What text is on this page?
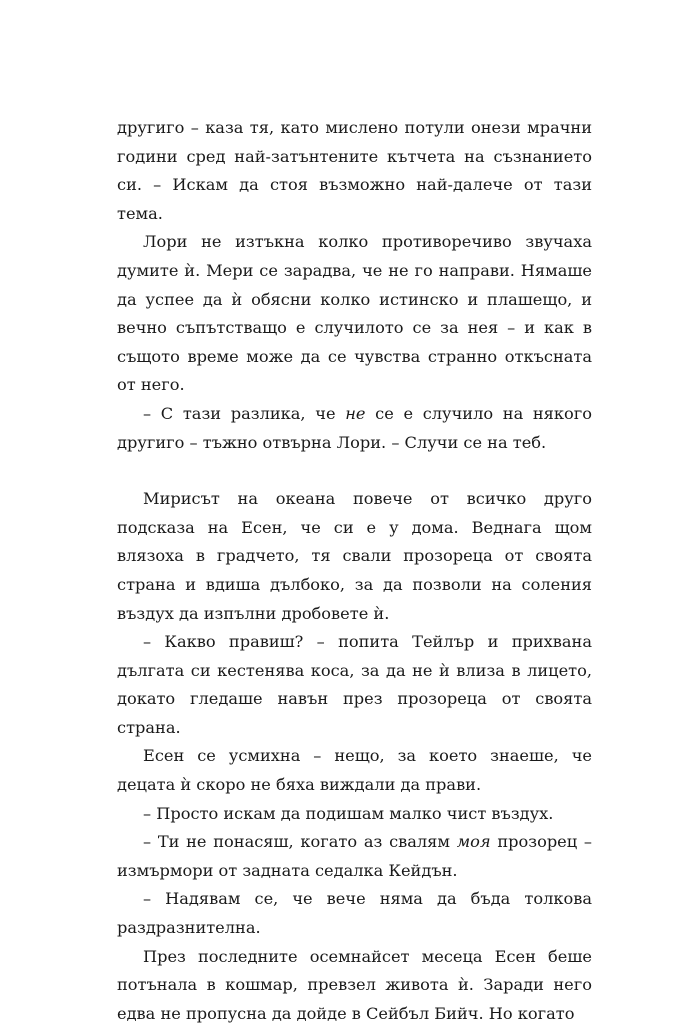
другиго – каза тя, като мислено потули онези мрачни години сред най-затънтените кътчета на съзнанието си. – Искам да стоя възможно най-далече от тази тема.

Лори не изтъкна колко противоречиво звучаха думите ѝ. Мери се зарадва, че не го направи. Нямаше да успее да ѝ обясни колко истинско и плашещо, и вечно съпътстващо е случилото се за нея – и как в същото време може да се чувства странно откъсната от него.

– С тази разлика, че не се е случило на някого другиго – тъжно отвърна Лори. – Случи се на теб.

Мирисът на океана повече от всичко друго подсказа на Есен, че си е у дома. Веднага щом влязоха в градчето, тя свали прозореца от своята страна и вдиша дълбоко, за да позволи на соления въздух да изпълни дробовете ѝ.

– Какво правиш? – попита Тейлър и прихвана дългата си кестенява коса, за да не ѝ влиза в лицето, докато гледаше навън през прозореца от своята страна.

Есен се усмихна – нещо, за което знаеше, че децата ѝ скоро не бяха виждали да прави.

– Просто искам да подишам малко чист въздух.

– Ти не понасяш, когато аз свалям моя прозорец – измърмори от задната седалка Кейдън.

– Надявам се, че вече няма да бъда толкова раздразнителна.

През последните осемнайсет месеца Есен беше потънала в кошмар, превзел живота ѝ. Заради него едва не пропусна да дойде в Сейбъл Бийч. Но когато
